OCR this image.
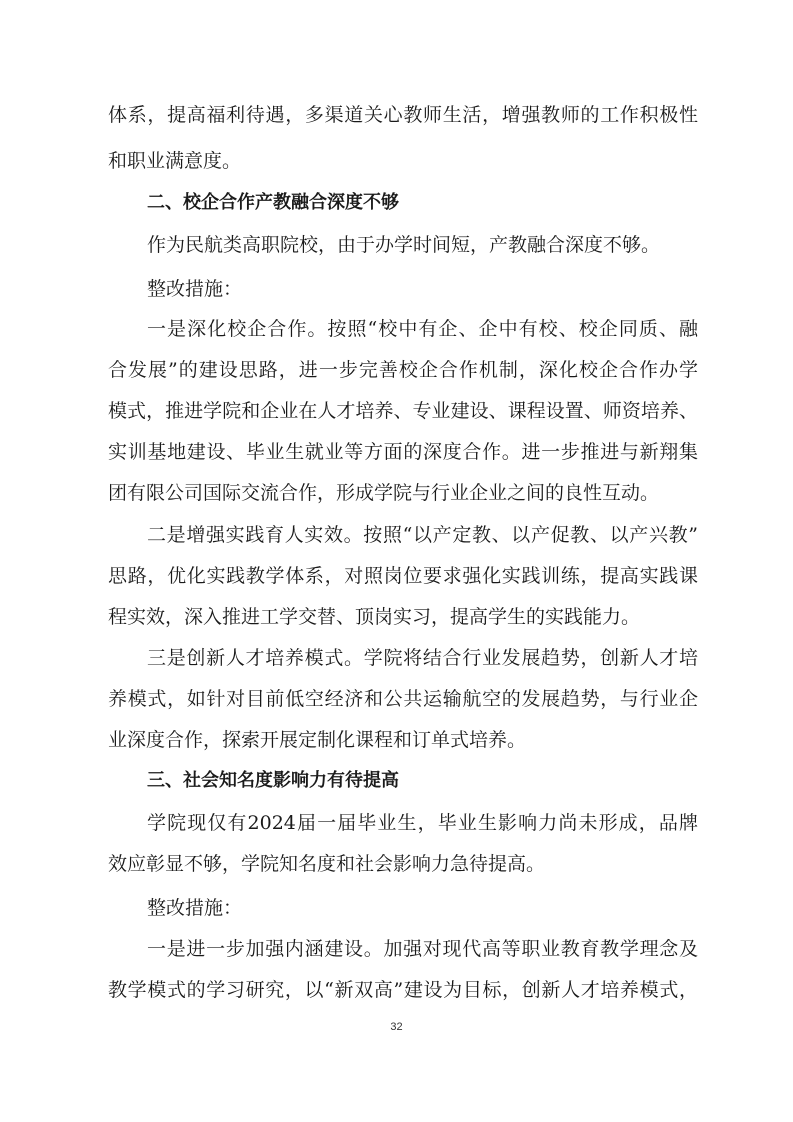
体系，提高福利待遇，多渠道关心教师生活，增强教师的工作积极性
和职业满意度。
二、校企合作产教融合深度不够
作为民航类高职院校，由于办学时间短，产教融合深度不够。
整改措施：
一是深化校企合作。按照“校中有企、企中有校、校企同质、融
合发展”的建设思路，进一步完善校企合作机制，深化校企合作办学
模式，推进学院和企业在人才培养、专业建设、课程设置、师资培养、
实训基地建设、毕业生就业等方面的深度合作。进一步推进与新翔集
团有限公司国际交流合作，形成学院与行业企业之间的良性互动。
二是增强实践育人实效。按照“以产定教、以产促教、以产兴教”
思路，优化实践教学体系，对照岗位要求强化实践训练，提高实践课
程实效，深入推进工学交替、顶岗实习，提高学生的实践能力。
三是创新人才培养模式。学院将结合行业发展趋势，创新人才培
养模式，如针对目前低空经济和公共运输航空的发展趋势，与行业企
业深度合作，探索开展定制化课程和订单式培养。
三、社会知名度影响力有待提高
学院现仅有2024届一届毕业生，毕业生影响力尚未形成，品牌
效应彰显不够，学院知名度和社会影响力急待提高。
整改措施：
一是进一步加强内涵建设。加强对现代高等职业教育教学理念及
教学模式的学习研究，以“新双高”建设为目标，创新人才培养模式，
32
